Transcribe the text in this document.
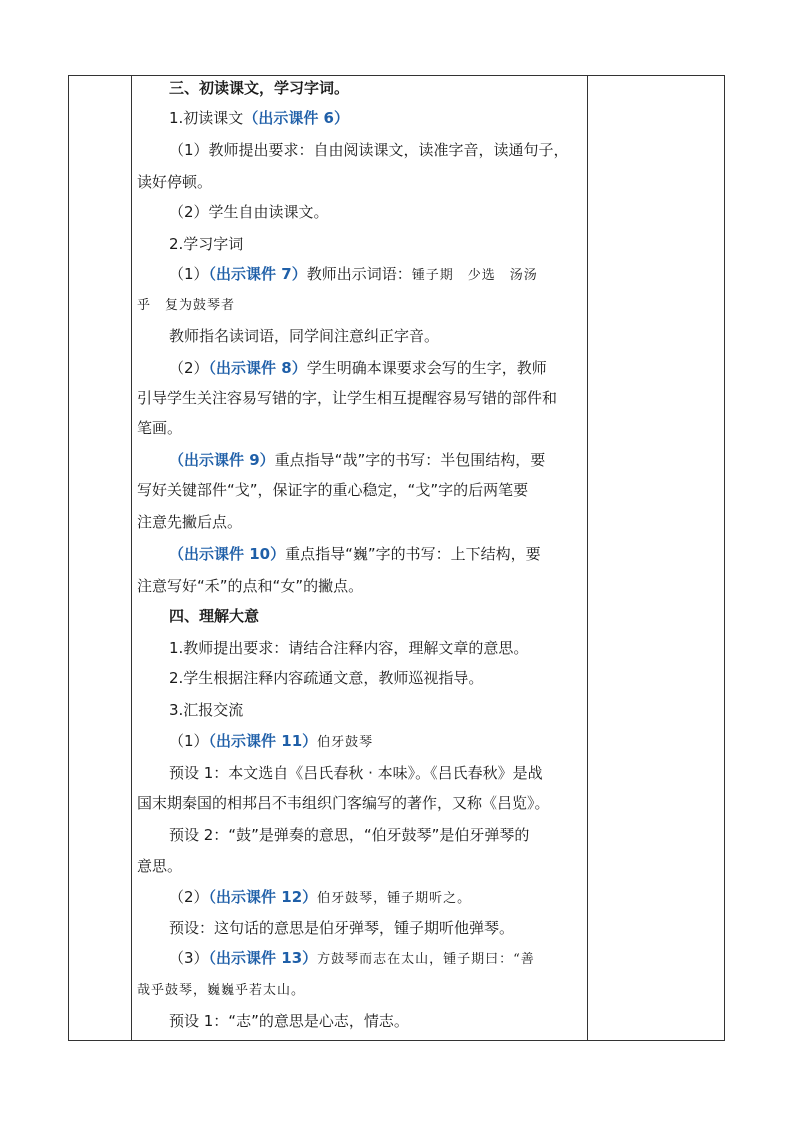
三、初读课文，学习字词。
1.初读课文（出示课件 6）
（1）教师提出要求：自由阅读课文，读准字音，读通句子，
读好停顿。
（2）学生自由读课文。
2.学习字词
（1）（出示课件 7）教师出示词语：锺子期　少选　汤汤
乎　复为鼓琴者
教师指名读词语，同学间注意纠正字音。
（2）（出示课件 8）学生明确本课要求会写的生字，教师
引导学生关注容易写错的字，让学生相互提醒容易写错的部件和
笔画。
（出示课件 9）重点指导“哉”字的书写：半包围结构，要
写好关键部件“戈”，保证字的重心稳定，“戈”字的后两笔要
注意先撇后点。
（出示课件 10）重点指导“巍”字的书写：上下结构，要
注意写好“禾”的点和“女”的撇点。
四、理解大意
1.教师提出要求：请结合注释内容，理解文章的意思。
2.学生根据注释内容疏通文意，教师巡视指导。
3.汇报交流
（1）（出示课件 11）伯牙鼓琴
预设 1：本文选自《吕氏春秋 · 本味》。《吕氏春秋》是战
国末期秦国的相邦吕不韦组织门客编写的著作，又称《吕览》。
预设 2：“鼓”是弹奏的意思，“伯牙鼓琴”是伯牙弹琴的
意思。
（2）（出示课件 12）伯牙鼓琴，锺子期听之。
预设：这句话的意思是伯牙弹琴，锺子期听他弹琴。
（3）（出示课件 13）方鼓琴而志在太山，锺子期曰：“善
哉乎鼓琴，巍巍乎若太山。
预设 1：“志”的意思是心志，情志。
